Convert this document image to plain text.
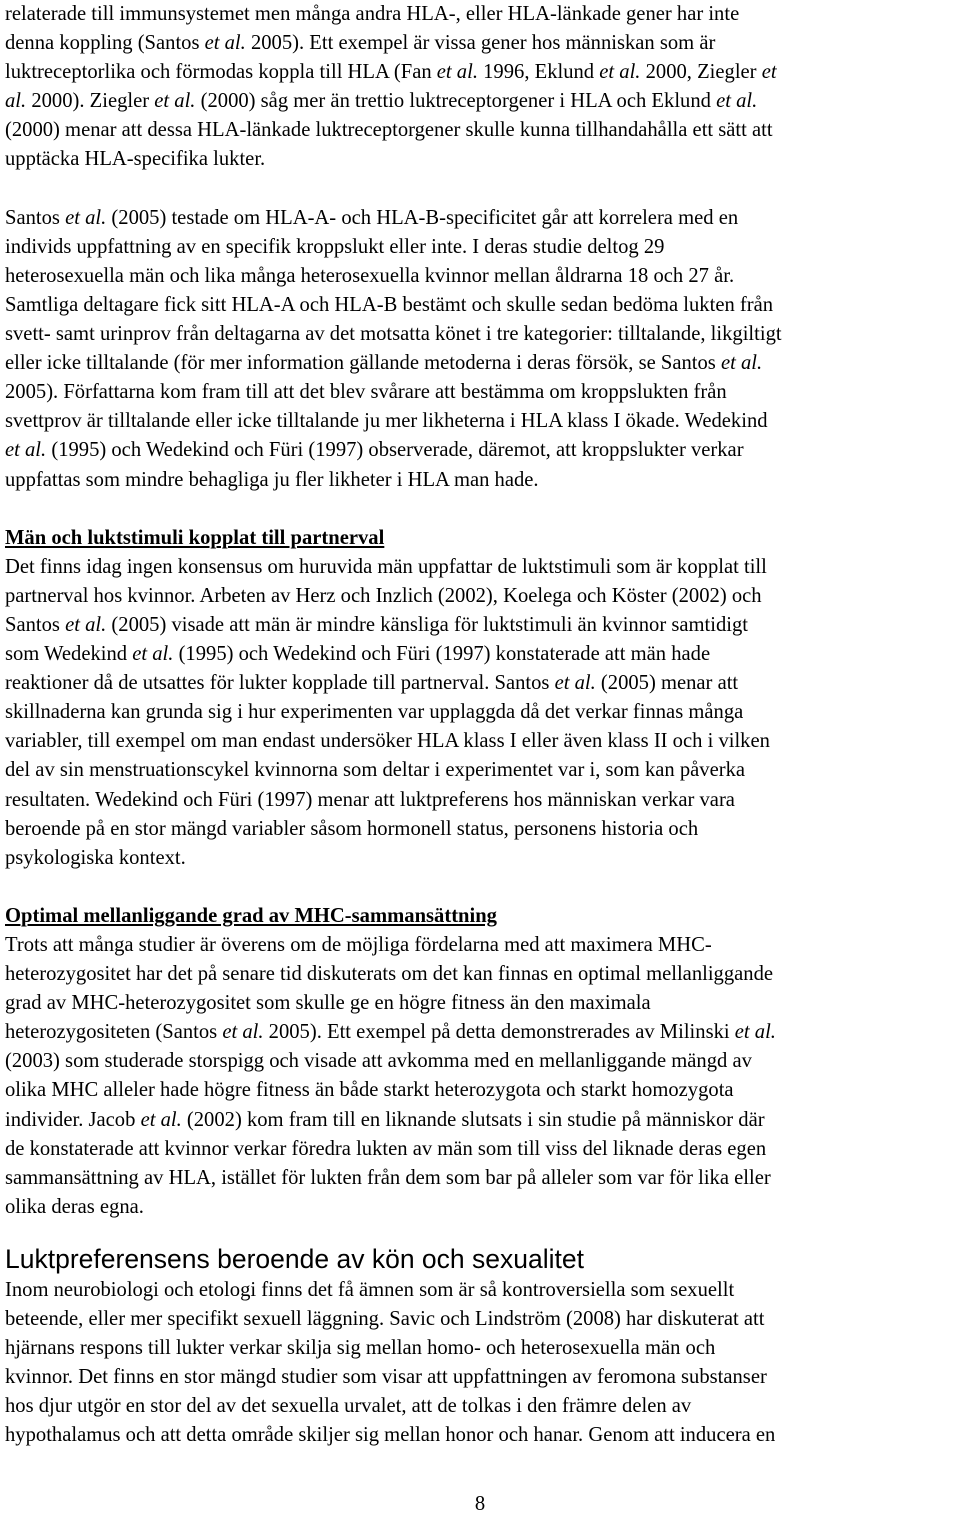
relaterade till immunsystemet men många andra HLA-, eller HLA-länkade gener har inte

denna koppling (Santos et al. 2005). Ett exempel är vissa gener hos människan som är

luktreceptorlika och förmodas koppla till HLA (Fan et al. 1996, Eklund et al. 2000, Ziegler et

al. 2000). Ziegler et al. (2000) såg mer än trettio luktreceptorgener i HLA och Eklund et al.

(2000) menar att dessa HLA-länkade luktreceptorgener skulle kunna tillhandahålla ett sätt att

upptäcka HLA-specifika lukter.

Santos et al. (2005) testade om HLA-A- och HLA-B-specificitet går att korrelera med en

individs uppfattning av en specifik kroppslukt eller inte. I deras studie deltog 29

heterosexuella män och lika många heterosexuella kvinnor mellan åldrarna 18 och 27 år.

Samtliga deltagare fick sitt HLA-A och HLA-B bestämt och skulle sedan bedöma lukten från

svett- samt urinprov från deltagarna av det motsatta könet i tre kategorier: tilltalande, likgiltigt

eller icke tilltalande (för mer information gällande metoderna i deras försök, se Santos et al.

2005). Författarna kom fram till att det blev svårare att bestämma om kroppslukten från

svettprov är tilltalande eller icke tilltalande ju mer likheterna i HLA klass I ökade. Wedekind

et al. (1995) och Wedekind och Füri (1997) observerade, däremot, att kroppslukter verkar

uppfattas som mindre behagliga ju fler likheter i HLA man hade.

Män och luktstimuli kopplat till partnerval

Det finns idag ingen konsensus om huruvida män uppfattar de luktstimuli som är kopplat till

partnerval hos kvinnor. Arbeten av Herz och Inzlich (2002), Koelega och Köster (2002) och

Santos et al. (2005) visade att män är mindre känsliga för luktstimuli än kvinnor samtidigt

som Wedekind et al. (1995) och Wedekind och Füri (1997) konstaterade att män hade

reaktioner då de utsattes för lukter kopplade till partnerval. Santos et al. (2005) menar att

skillnaderna kan grunda sig i hur experimenten var upplaggda då det verkar finnas många

variabler, till exempel om man endast undersöker HLA klass I eller även klass II och i vilken

del av sin menstruationscykel kvinnorna som deltar i experimentet var i, som kan påverka

resultaten. Wedekind och Füri (1997) menar att luktpreferens hos människan verkar vara

beroende på en stor mängd variabler såsom hormonell status, personens historia och

psykologiska kontext.

Optimal mellanliggande grad av MHC-sammansättning

Trots att många studier är överens om de möjliga fördelarna med att maximera MHC-

heterozygositet har det på senare tid diskuterats om det kan finnas en optimal mellanliggande

grad av MHC-heterozygositet som skulle ge en högre fitness än den maximala

heterozygositeten (Santos et al. 2005). Ett exempel på detta demonstrerades av Milinski et al.

(2003) som studerade storspigg och visade att avkomma med en mellanliggande mängd av

olika MHC alleler hade högre fitness än både starkt heterozygota och starkt homozygota

individer. Jacob et al. (2002) kom fram till en liknande slutsats i sin studie på människor där

de konstaterade att kvinnor verkar föredra lukten av män som till viss del liknade deras egen

sammansättning av HLA, istället för lukten från dem som bar på alleler som var för lika eller

olika deras egna.

Luktpreferensens beroende av kön och sexualitet

Inom neurobiologi och etologi finns det få ämnen som är så kontroversiella som sexuellt

beteende, eller mer specifikt sexuell läggning. Savic och Lindström (2008) har diskuterat att

hjärnans respons till lukter verkar skilja sig mellan homo- och heterosexuella män och

kvinnor. Det finns en stor mängd studier som visar att uppfattningen av feromona substanser

hos djur utgör en stor del av det sexuella urvalet, att de tolkas i den främre delen av

hypothalamus och att detta område skiljer sig mellan honor och hanar. Genom att inducera en

8
